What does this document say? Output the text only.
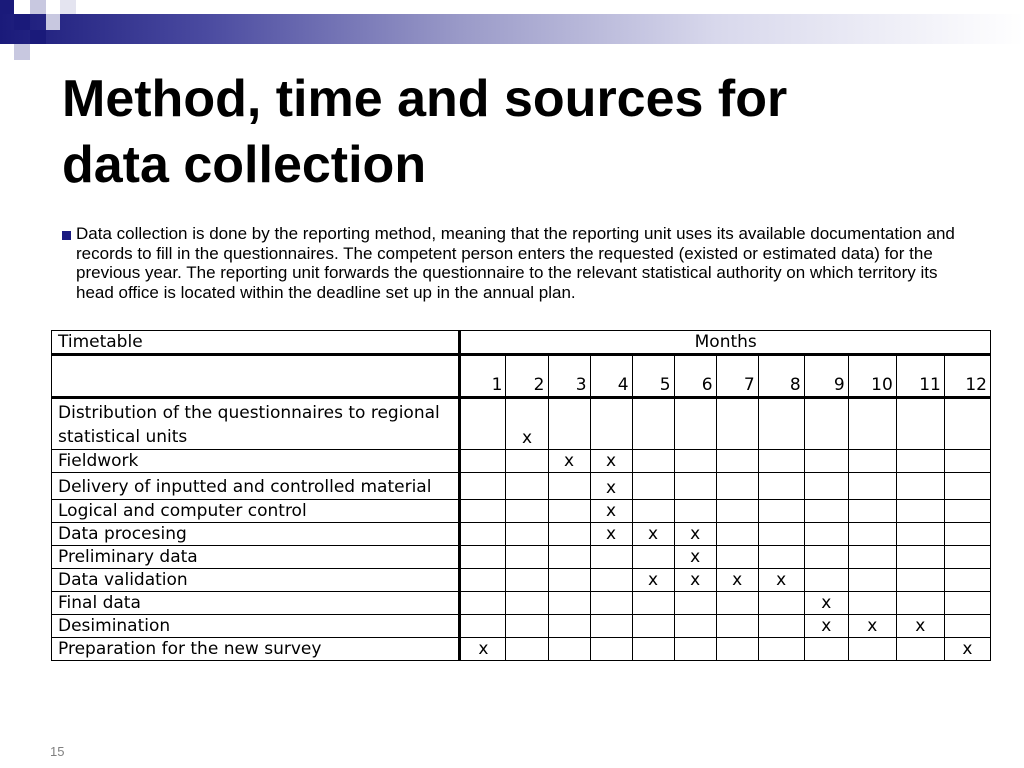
Method, time and sources for
data collection
Data collection is done by the reporting method, meaning that the reporting unit uses its available documentation and records to fill in the questionnaires. The competent person enters the requested (existed or estimated data) for the previous year. The reporting unit forwards the questionnaire to the relevant statistical authority on which territory its head office is located within the deadline set up in the annual plan.
Timetable	Months											
	1	2	3	4	5	6	7	8	9	10	11	12
Distribution of the questionnaires to regional statistical units		x										
Fieldwork			x	x								
Delivery of inputted and controlled material				x								
Logical and computer control				x								
Data procesing				x	x	x						
Preliminary data						x						
Data validation					x	x	x	x				
Final data									x			
Desimination									x	x	x	
Preparation for the new survey	x											x
15
